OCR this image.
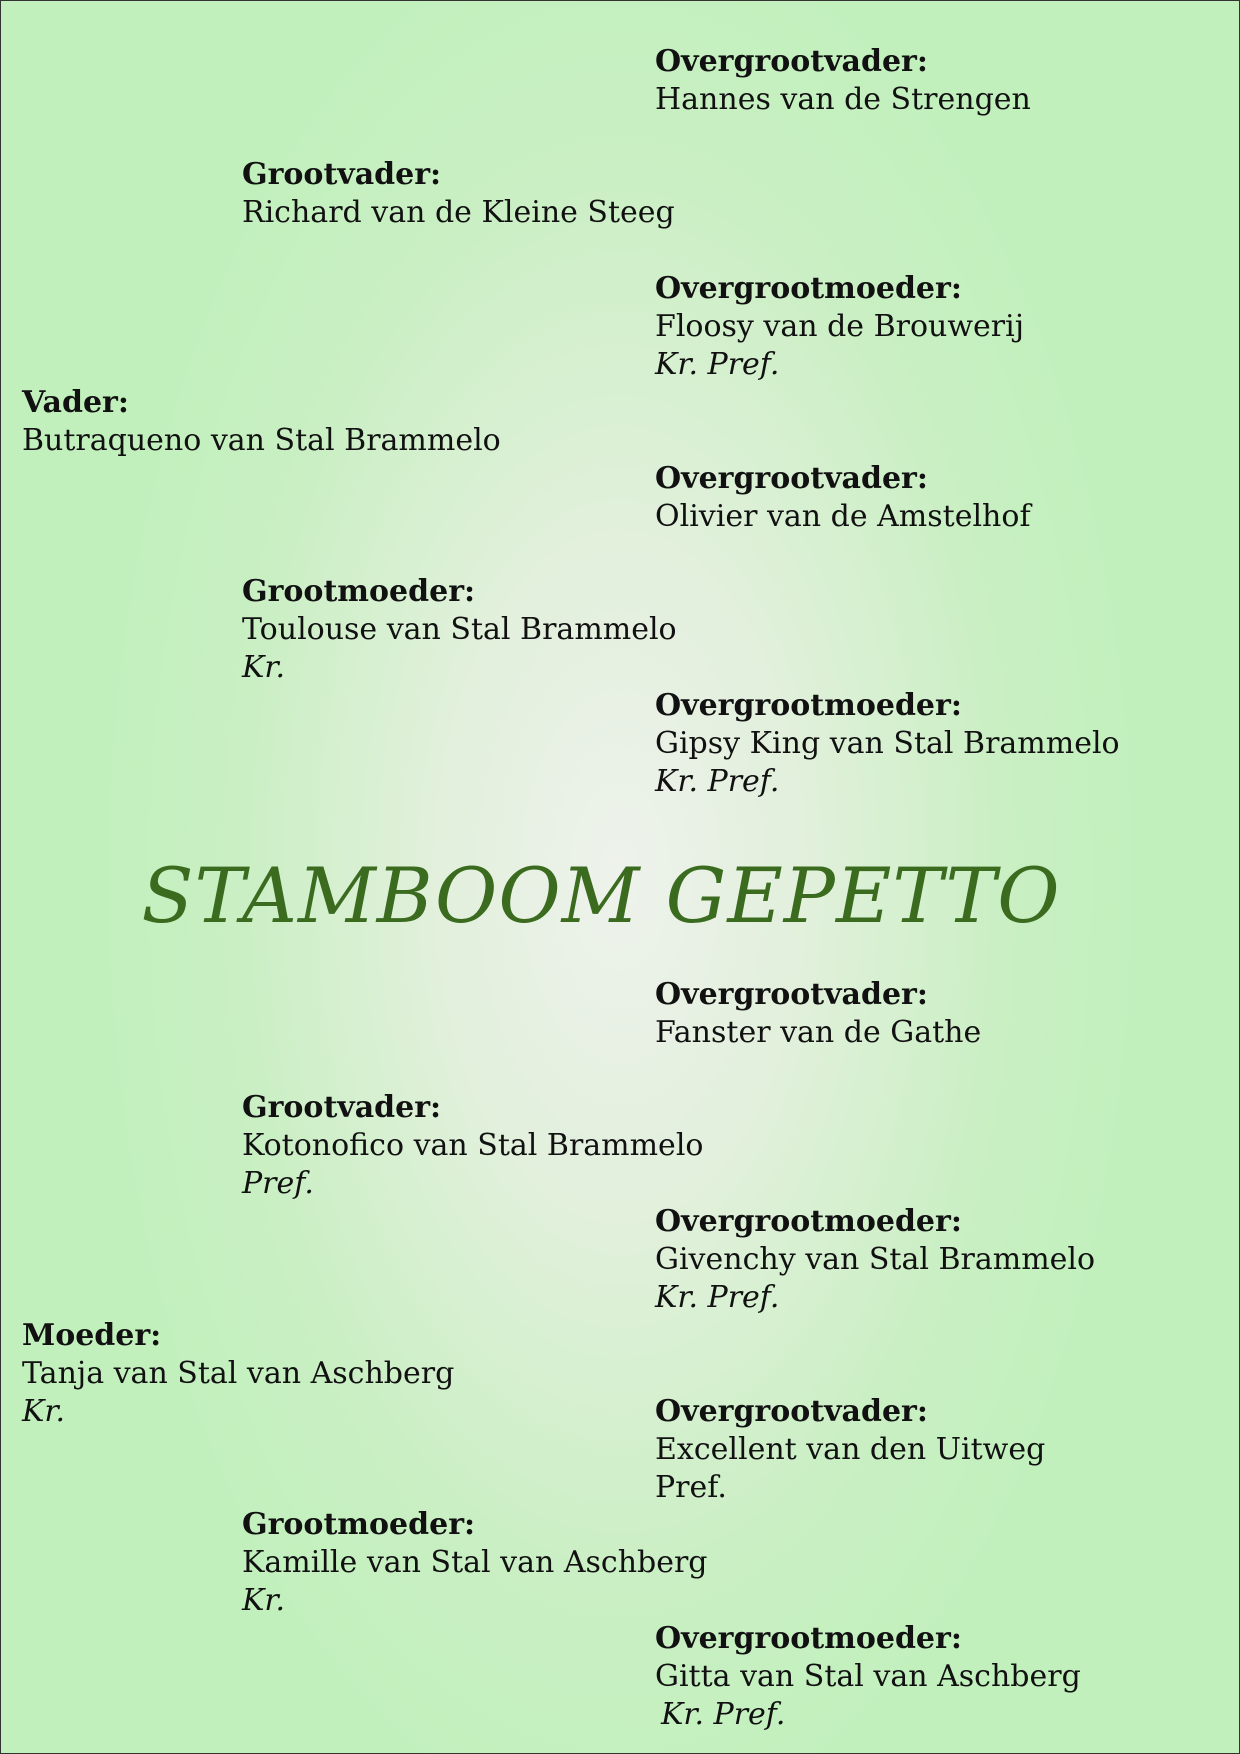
Overgrootvader:
Hannes van de Strengen
Grootvader:
Richard van de Kleine Steeg
Overgrootmoeder:
Floosy van de Brouwerij
Kr. Pref.
Vader:
Butraqueno van Stal Brammelo
Overgrootvader:
Olivier van de Amstelhof
Grootmoeder:
Toulouse van Stal Brammelo
Kr.
Overgrootmoeder:
Gipsy King van Stal Brammelo
Kr. Pref.
STAMBOOM GEPETTO
Overgrootvader:
Fanster van de Gathe
Grootvader:
Kotonofico van Stal Brammelo
Pref.
Overgrootmoeder:
Givenchy van Stal Brammelo
Kr. Pref.
Moeder:
Tanja van Stal van Aschberg
Kr.	Overgrootvader:
Excellent van den Uitweg
Pref.
Grootmoeder:
Kamille van Stal van Aschberg
Kr.
Overgrootmoeder:
Gitta van Stal van Aschberg
Kr. Pref.
